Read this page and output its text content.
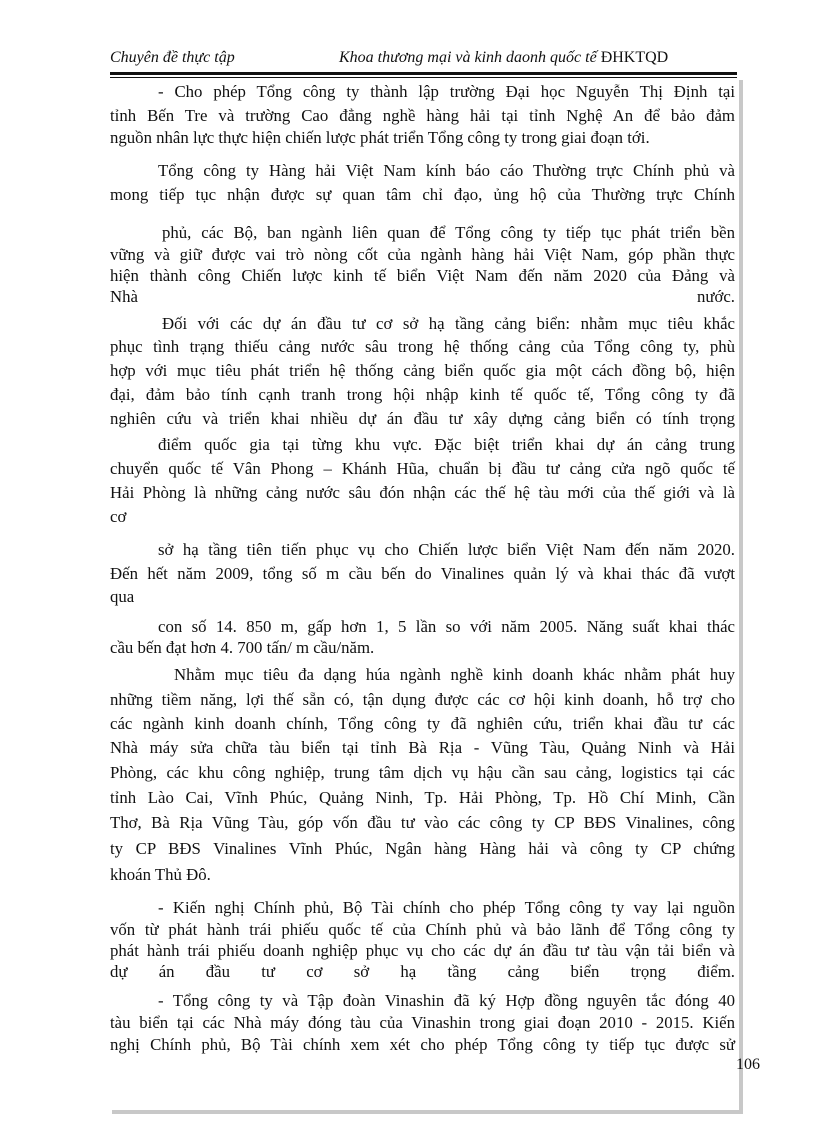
Chuyên đề thực tập	Khoa thương mại và kinh daonh quốc tế ĐHKTQD
- Cho phép Tổng công ty thành lập trường Đại học Nguyễn Thị Định tại
tỉnh Bến Tre và trường Cao đẳng nghề hàng hải tại tỉnh Nghệ An để bảo đảm
nguồn nhân lực thực hiện chiến lược phát triển Tổng công ty trong giai đoạn tới.
Tổng công ty Hàng hải Việt Nam kính báo cáo Thường trực Chính phủ và
mong tiếp tục nhận được sự quan tâm chỉ đạo, ủng hộ của Thường trực Chính
phủ, các Bộ, ban ngành liên quan để Tổng công ty tiếp tục phát triển bền
vững và giữ được vai trò nòng cốt của ngành hàng hải Việt Nam, góp phần thực
hiện thành công Chiến lược kinh tế biển Việt Nam đến năm 2020 của Đảng và
Nhà	nước.
Đối với các dự án đầu tư cơ sở hạ tầng cảng biển: nhằm mục tiêu khắc
phục tình trạng thiếu cảng nước sâu trong hệ thống cảng của Tổng công ty, phù
hợp với mục tiêu phát triển hệ thống cảng biển quốc gia một cách đồng bộ, hiện
đại, đảm bảo tính cạnh tranh trong hội nhập kinh tế quốc tế, Tổng công ty đã
nghiên cứu và triển khai nhiều dự án đầu tư xây dựng cảng biển có tính trọng
điểm quốc gia tại từng khu vực. Đặc biệt triển khai dự án cảng trung
chuyển quốc tế Vân Phong – Khánh Hũa, chuẩn bị đầu tư cảng cửa ngõ quốc tế
Hải Phòng là những cảng nước sâu đón nhận các thế hệ tàu mới của thế giới và là
cơ
sở hạ tầng tiên tiến phục vụ cho Chiến lược biển Việt Nam đến năm 2020.
Đến hết năm 2009, tổng số m cầu bến do Vinalines quản lý và khai thác đã vượt
qua
con số 14. 850 m, gấp hơn 1, 5 lần so với năm 2005. Năng suất khai thác
cầu bến đạt hơn 4. 700 tấn/ m cầu/năm.
Nhằm mục tiêu đa dạng húa ngành nghề kinh doanh khác nhằm phát huy
những tiềm năng, lợi thế sẵn có, tận dụng được các cơ hội kinh doanh, hỗ trợ cho
các ngành kinh doanh chính, Tổng công ty đã nghiên cứu, triển khai đầu tư các
Nhà máy sửa chữa tàu biển tại tỉnh Bà Rịa - Vũng Tàu, Quảng Ninh và Hải
Phòng, các khu công nghiệp, trung tâm dịch vụ hậu cần sau cảng, logistics tại các
tỉnh Lào Cai, Vĩnh Phúc, Quảng Ninh, Tp. Hải Phòng, Tp. Hồ Chí Minh, Cần
Thơ, Bà Rịa Vũng Tàu, góp vốn đầu tư vào các công ty CP BĐS Vinalines, công
ty CP BĐS Vinalines Vĩnh Phúc, Ngân hàng Hàng hải và công ty CP chứng
khoán Thủ Đô.
- Kiến nghị Chính phủ, Bộ Tài chính cho phép Tổng công ty vay lại nguồn
vốn từ phát hành trái phiếu quốc tế của Chính phủ và bảo lãnh để Tổng công ty
phát hành trái phiếu doanh nghiệp phục vụ cho các dự án đầu tư tàu vận tải biển và
dự án đầu tư cơ sở hạ tầng cảng biển trọng điểm.
- Tổng công ty và Tập đoàn Vinashin đã ký Hợp đồng nguyên tắc đóng 40
tàu biển tại các Nhà máy đóng tàu của Vinashin trong giai đoạn 2010 - 2015. Kiến
nghị Chính phủ, Bộ Tài chính xem xét cho phép Tổng công ty tiếp tục được sử
106
